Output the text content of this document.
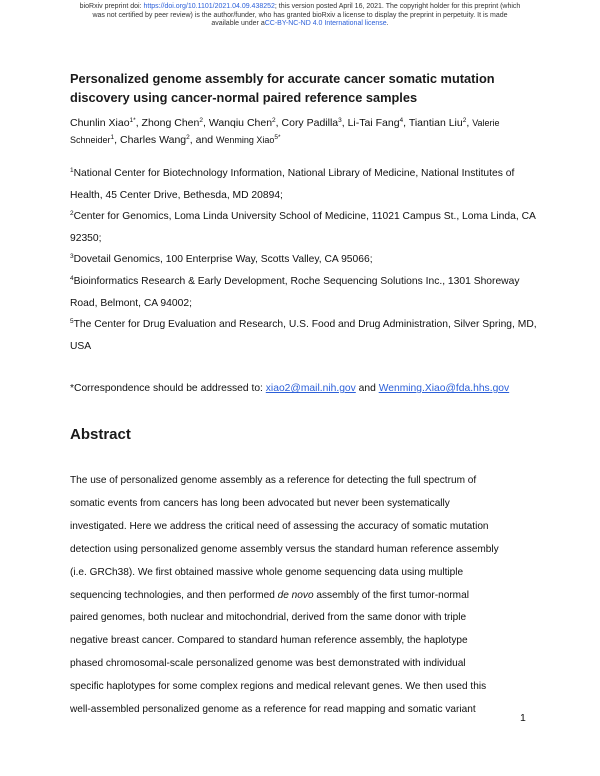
bioRxiv preprint doi: https://doi.org/10.1101/2021.04.09.438252; this version posted April 16, 2021. The copyright holder for this preprint (which
was not certified by peer review) is the author/funder, who has granted bioRxiv a license to display the preprint in perpetuity. It is made
available under aCC-BY-NC-ND 4.0 International license.
Personalized genome assembly for accurate cancer somatic mutation discovery using cancer-normal paired reference samples
Chunlin Xiao$^{1*}$, Zhong Chen$^2$, Wanqiu Chen$^2$, Cory Padilla$^3$, Li-Tai Fang$^4$, Tiantian Liu$^2$, Valerie Schneider$^1$, Charles Wang$^2$, and Wenming Xiao$^{5*}$
$^1$National Center for Biotechnology Information, National Library of Medicine, National Institutes of Health, 45 Center Drive, Bethesda, MD 20894;
$^2$Center for Genomics, Loma Linda University School of Medicine, 11021 Campus St., Loma Linda, CA 92350;
$^3$Dovetail Genomics, 100 Enterprise Way, Scotts Valley, CA 95066;
$^4$Bioinformatics Research & Early Development, Roche Sequencing Solutions Inc., 1301 Shoreway Road, Belmont, CA 94002;
$^5$The Center for Drug Evaluation and Research, U.S. Food and Drug Administration, Silver Spring, MD, USA
*Correspondence should be addressed to: xiao2@mail.nih.gov and Wenming.Xiao@fda.hhs.gov
Abstract
The use of personalized genome assembly as a reference for detecting the full spectrum of
somatic events from cancers has long been advocated but never been systematically
investigated. Here we address the critical need of assessing the accuracy of somatic mutation
detection using personalized genome assembly versus the standard human reference assembly
(i.e. GRCh38). We first obtained massive whole genome sequencing data using multiple
sequencing technologies, and then performed de novo assembly of the first tumor-normal
paired genomes, both nuclear and mitochondrial, derived from the same donor with triple
negative breast cancer. Compared to standard human reference assembly, the haplotype
phased chromosomal-scale personalized genome was best demonstrated with individual
specific haplotypes for some complex regions and medical relevant genes. We then used this
well-assembled personalized genome as a reference for read mapping and somatic variant
1
